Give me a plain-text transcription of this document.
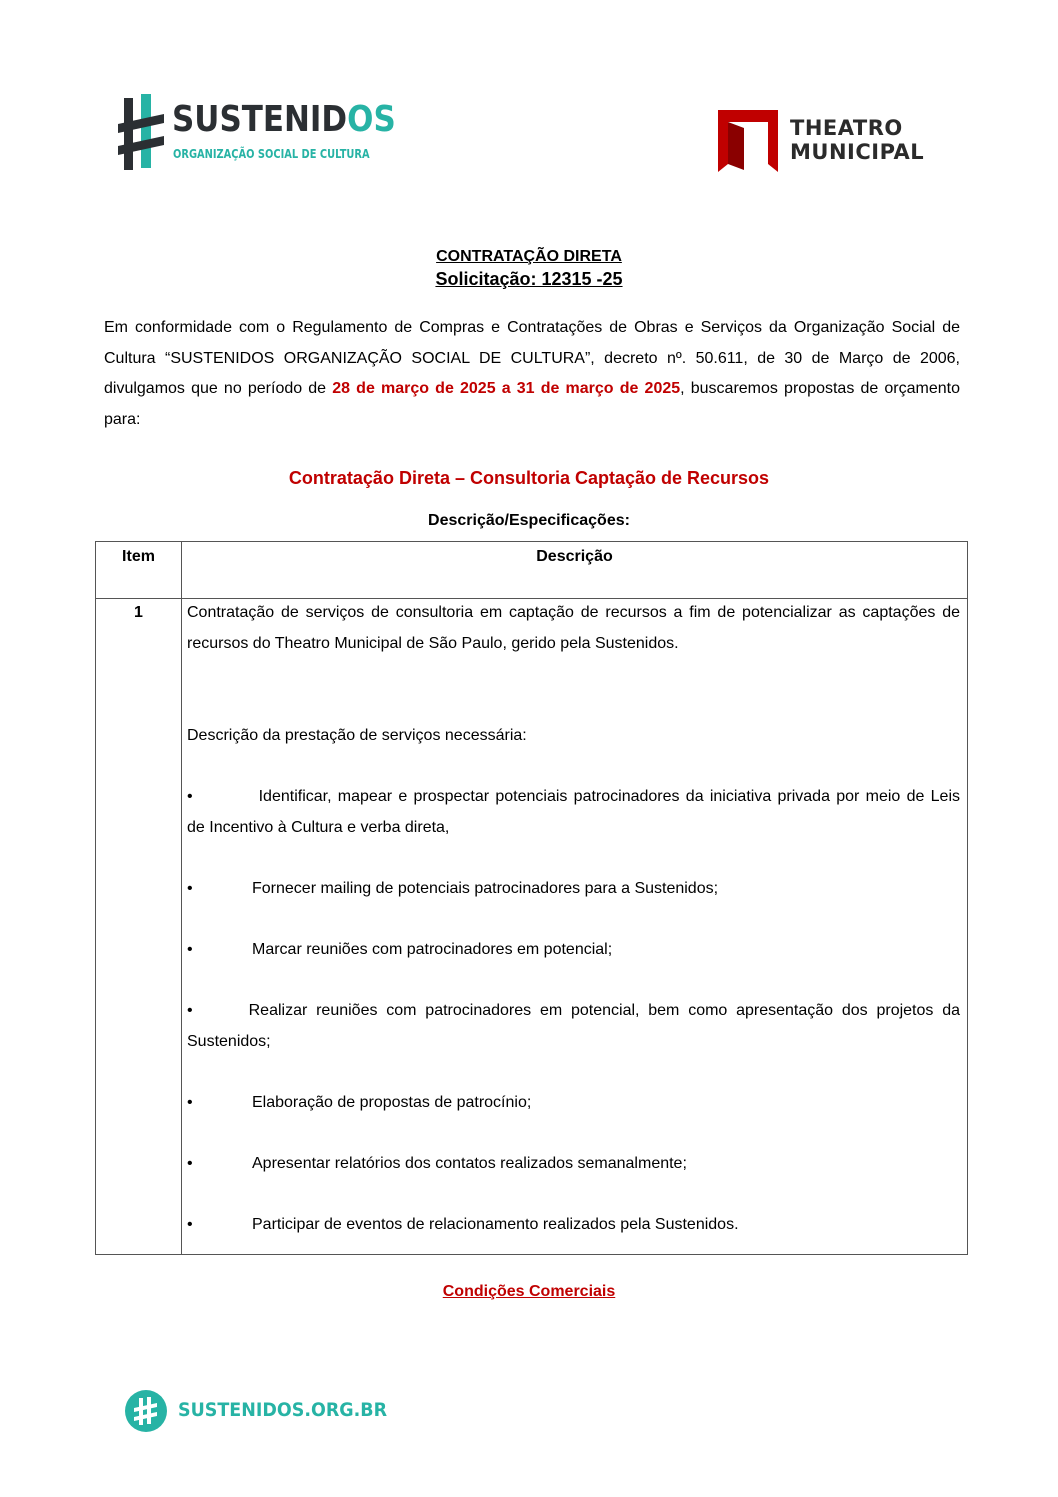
SUSTENIDOS
ORGANIZAÇÃO SOCIAL DE CULTURA
THEATRO
MUNICIPAL
CONTRATAÇÃO DIRETA
Solicitação: 12315 -25
Em conformidade com o Regulamento de Compras e Contratações de Obras e Serviços da Organização Social de Cultura “SUSTENIDOS ORGANIZAÇÃO SOCIAL DE CULTURA”, decreto nº. 50.611, de 30 de Março de 2006, divulgamos que no período de 28 de março de 2025 a 31 de março de 2025, buscaremos propostas de orçamento para:
Contratação Direta – Consultoria Captação de Recursos
Descrição/Especificações:
Item	Descrição
1	Contratação de serviços de consultoria em captação de recursos a fim de potencializar as captações de recursos do Theatro Municipal de São Paulo, gerido pela Sustenidos.
Descrição da prestação de serviços necessária:
•	Identificar, mapear e prospectar potenciais patrocinadores da iniciativa privada por meio de Leis de Incentivo à Cultura e verba direta,
•	Fornecer mailing de potenciais patrocinadores para a Sustenidos;
•	Marcar reuniões com patrocinadores em potencial;
•	Realizar reuniões com patrocinadores em potencial, bem como apresentação dos projetos da Sustenidos;
•	Elaboração de propostas de patrocínio;
•	Apresentar relatórios dos contatos realizados semanalmente;
•	Participar de eventos de relacionamento realizados pela Sustenidos.
Condições Comerciais
SUSTENIDOS.ORG.BR
